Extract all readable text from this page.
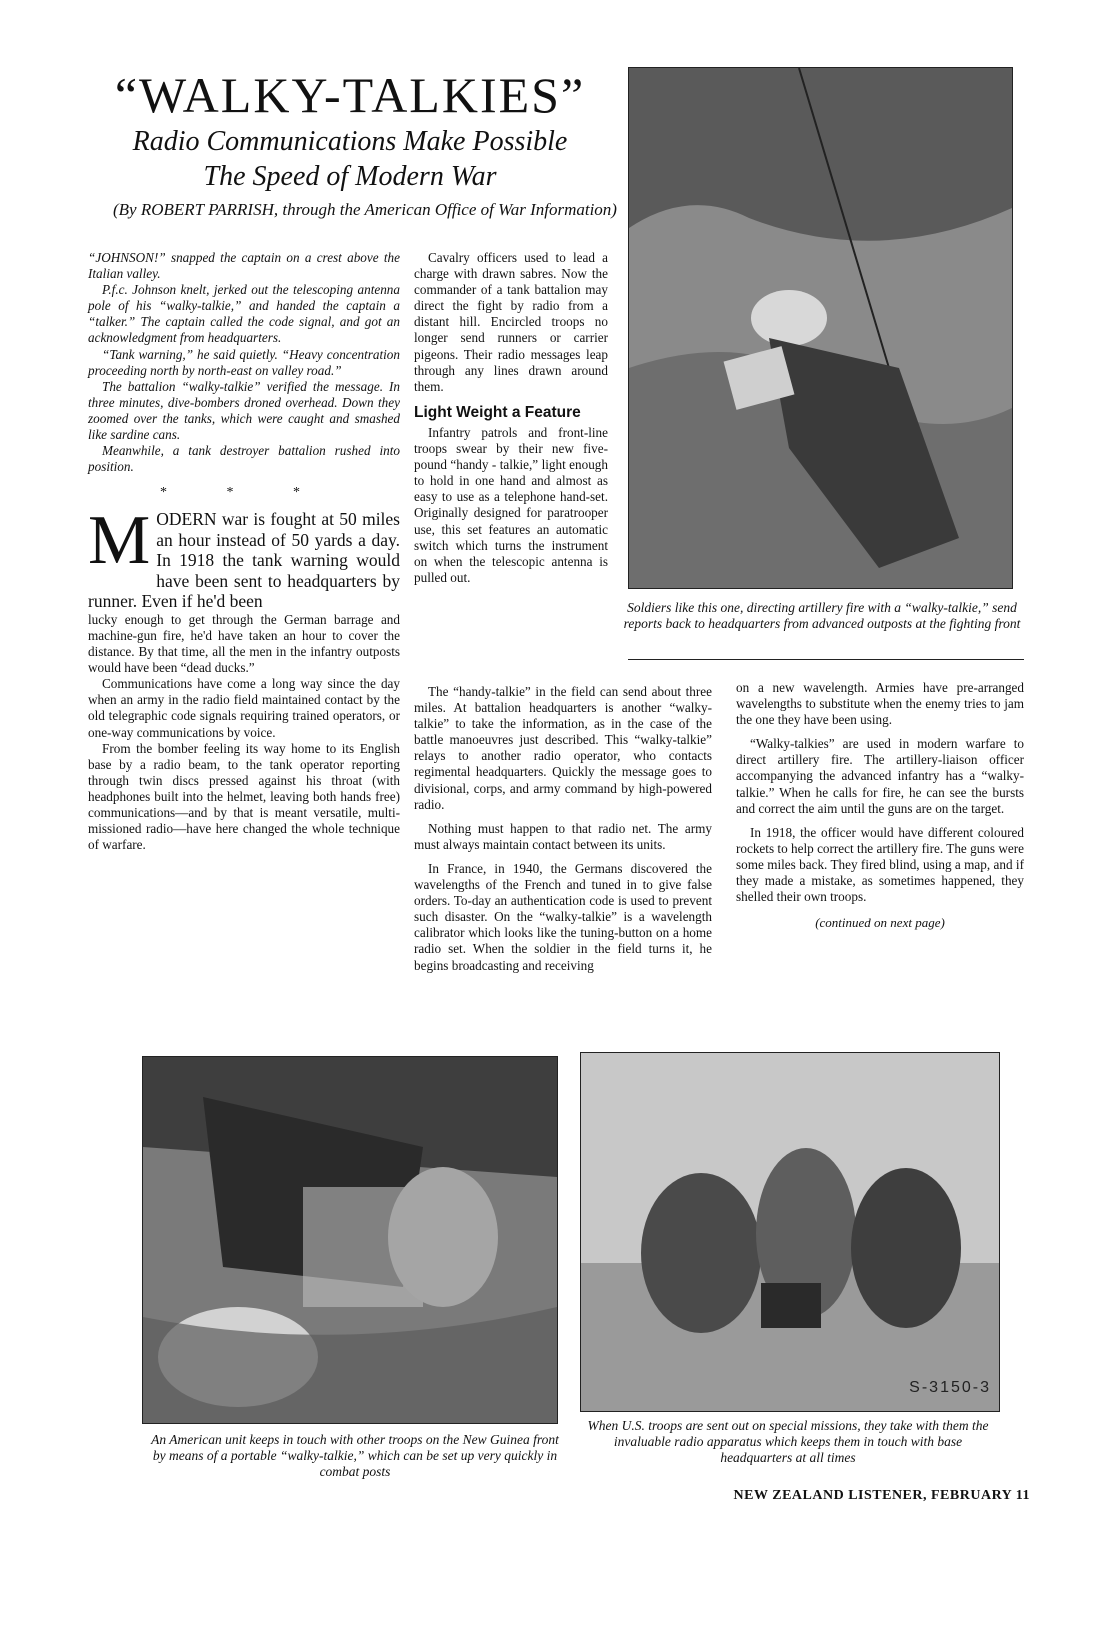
“WALKY-TALKIES”
Radio Communications Make Possible
The Speed of Modern War
(By ROBERT PARRISH, through the American Office of War Information)

“JOHNSON!” snapped the captain on a crest above the Italian valley.

P.f.c. Johnson knelt, jerked out the telescoping antenna pole of his “walky-talkie,” and handed the captain a “talker.” The captain called the code signal, and got an acknowledgment from headquarters.

“Tank warning,” he said quietly. “Heavy concentration proceeding north by north-east on valley road.”

The battalion “walky-talkie” verified the message. In three minutes, dive-bombers droned overhead. Down they zoomed over the tanks, which were caught and smashed like sardine cans.

Meanwhile, a tank destroyer battalion rushed into position.

* * *
M ODERN war is fought at 50 miles an hour instead of 50 yards a day. In 1918 the tank warning would have been sent to headquarters by runner. Even if he'd been

lucky enough to get through the German barrage and machine-gun fire, he'd have taken an hour to cover the distance. By that time, all the men in the infantry outposts would have been “dead ducks.”

Communications have come a long way since the day when an army in the radio field maintained contact by the old telegraphic code signals requiring trained operators, or one-way communications by voice.

From the bomber feeling its way home to its English base by a radio beam, to the tank operator reporting through twin discs pressed against his throat (with headphones built into the helmet, leaving both hands free) communications—and by that is meant versatile, multi-missioned radio—have here changed the whole technique of warfare.

Cavalry officers used to lead a charge with drawn sabres. Now the commander of a tank battalion may direct the fight by radio from a distant hill. Encircled troops no longer send runners or carrier pigeons. Their radio messages leap through any lines drawn around them.

Light Weight a Feature

Infantry patrols and front-line troops swear by their new five-pound “handy - talkie,” light enough to hold in one hand and almost as easy to use as a telephone hand-set. Originally designed for paratrooper use, this set features an automatic switch which turns the instrument on when the telescopic antenna is pulled out.

The “handy-talkie” in the field can send about three miles. At battalion headquarters is another “walky-talkie” to take the information, as in the case of the battle manoeuvres just described. This “walky-talkie” relays to another radio operator, who contacts regimental headquarters. Quickly the message goes to divisional, corps, and army command by high-powered radio.

Nothing must happen to that radio net. The army must always maintain contact between its units.

In France, in 1940, the Germans discovered the wavelengths of the French and tuned in to give false orders. To-day an authentication code is used to prevent such disaster. On the “walky-talkie” is a wavelength calibrator which looks like the tuning-button on a home radio set. When the soldier in the field turns it, he begins broadcasting and receiving

on a new wavelength. Armies have pre-arranged wavelengths to substitute when the enemy tries to jam the one they have been using.

“Walky-talkies” are used in modern warfare to direct artillery fire. The artillery-liaison officer accompanying the advanced infantry has a “walky-talkie.” When he calls for fire, he can see the bursts and correct the aim until the guns are on the target.

In 1918, the officer would have different coloured rockets to help correct the artillery fire. The guns were some miles back. They fired blind, using a map, and if they made a mistake, as sometimes happened, they shelled their own troops.

(continued on next page)
Soldiers like this one, directing artillery fire with a “walky-talkie,” send reports back to headquarters from advanced outposts at the fighting front
An American unit keeps in touch with other troops on the New Guinea front by means of a portable “walky-talkie,” which can be set up very quickly in combat posts
S-3150-3
When U.S. troops are sent out on special missions, they take with them the invaluable radio apparatus which keeps them in touch with base headquarters at all times
NEW ZEALAND LISTENER, FEBRUARY 11
